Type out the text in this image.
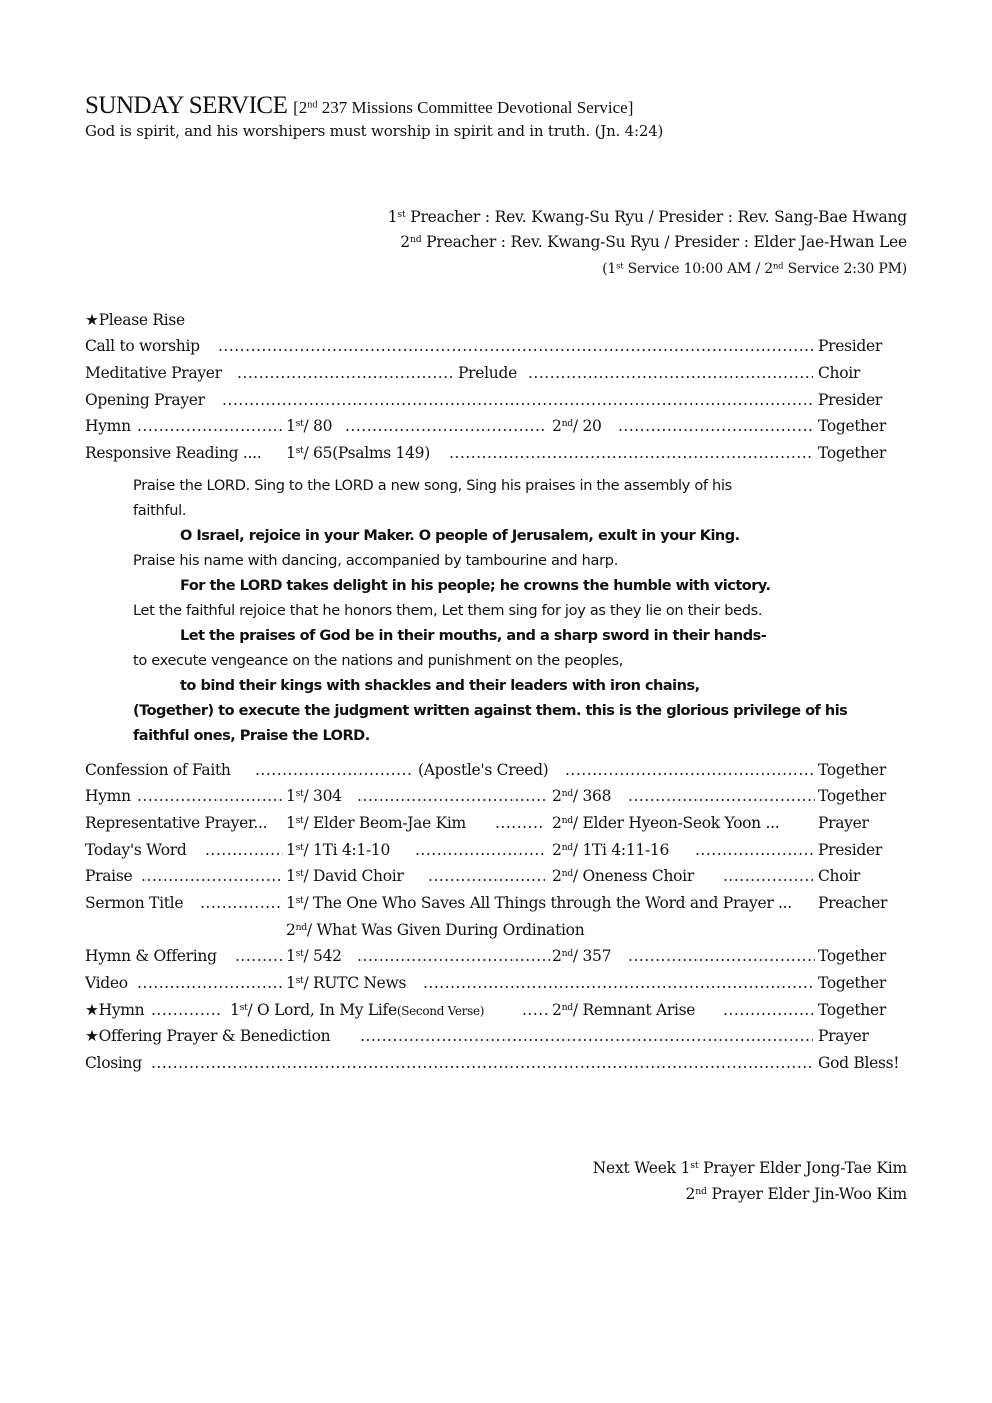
SUNDAY SERVICE [2nd 237 Missions Committee Devotional Service]
God is spirit, and his worshipers must worship in spirit and in truth. (Jn. 4:24)
1st Preacher : Rev. Kwang-Su Ryu / Presider : Rev. Sang-Bae Hwang
2nd Preacher : Rev. Kwang-Su Ryu / Presider : Elder Jae-Hwan Lee
(1st Service 10:00 AM / 2nd Service 2:30 PM)
★Please Rise
Call to worship .....	Presider
Meditative Prayer .....	Prelude .....	Choir
Opening Prayer .....	Presider
Hymn .....	1st/ 80 .....	2nd/ 20 .....	Together
Responsive Reading .... 1st/ 65(Psalms 149) .....	Together
Praise the LORD. Sing to the LORD a new song, Sing his praises in the assembly of his
faithful.
O Israel, rejoice in your Maker. O people of Jerusalem, exult in your King.
Praise his name with dancing, accompanied by tambourine and harp.
For the LORD takes delight in his people; he crowns the humble with victory.
Let the faithful rejoice that he honors them, Let them sing for joy as they lie on their beds.
Let the praises of God be in their mouths, and a sharp sword in their hands-
to execute vengeance on the nations and punishment on the peoples,
to bind their kings with shackles and their leaders with iron chains,
(Together) to execute the judgment written against them. this is the glorious privilege of his
faithful ones, Praise the LORD.
Confession of Faith .....	(Apostle's Creed) .....	Together
Hymn .....	1st/ 304 .....	2nd/ 368 .....	Together
Representative Prayer... 1st/ Elder Beom-Jae Kim .....	2nd/ Elder Hyeon-Seok Yoon ... Prayer
Today's Word .....	1st/ 1Ti 4:1-10 .....	2nd/ 1Ti 4:11-16 .....	Presider
Praise .....	1st/ David Choir .....	2nd/ Oneness Choir .....	Choir
Sermon Title .....	1st/ The One Who Saves All Things through the Word and Prayer ... Preacher
2nd/ What Was Given During Ordination
Hymn & Offering .....	1st/ 542 .....	2nd/ 357 .....	Together
Video .....	1st/ RUTC News .....	Together
★Hymn .....	1st/ O Lord, In My Life(Second Verse) .....	2nd/ Remnant Arise .....	Together
★Offering Prayer & Benediction .....	Prayer
Closing .....	God Bless!
Next Week 1st Prayer Elder Jong-Tae Kim
2nd Prayer Elder Jin-Woo Kim
